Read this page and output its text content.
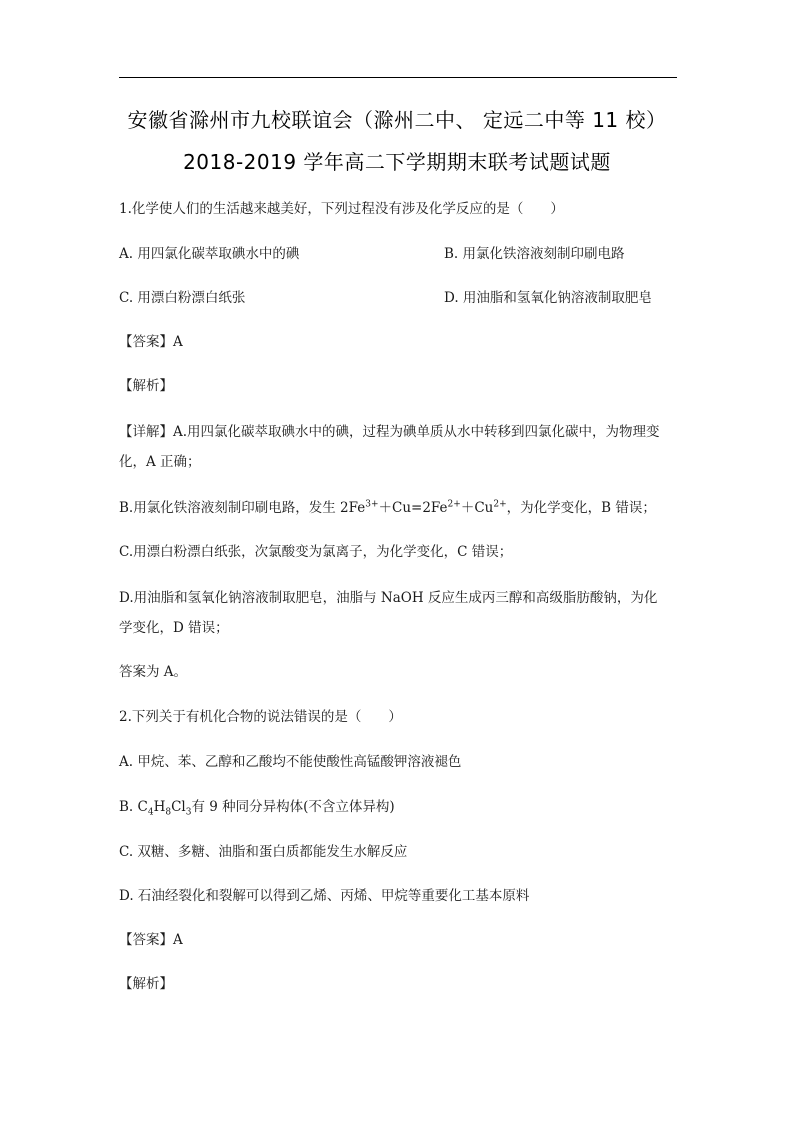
安徽省滁州市九校联谊会（滁州二中、 定远二中等 11 校）
2018-2019 学年高二下学期期末联考试题试题
1.化学使人们的生活越来越美好，下列过程没有涉及化学反应的是（　　）
A. 用四氯化碳萃取碘水中的碘	B. 用氯化铁溶液刻制印刷电路
C. 用漂白粉漂白纸张	D. 用油脂和氢氧化钠溶液制取肥皂
【答案】A
【解析】
【详解】A.用四氯化碳萃取碘水中的碘，过程为碘单质从水中转移到四氯化碳中，为物理变
化，A 正确；
B.用氯化铁溶液刻制印刷电路，发生 $2Fe^{3+}+Cu=2Fe^{2+}+Cu^{2+}$，为化学变化，B 错误；
C.用漂白粉漂白纸张，次氯酸变为氯离子，为化学变化，C 错误；
D.用油脂和氢氧化钠溶液制取肥皂，油脂与 NaOH 反应生成丙三醇和高级脂肪酸钠，为化
学变化，D 错误；
答案为 A。
2.下列关于有机化合物的说法错误的是（　　）
A. 甲烷、苯、乙醇和乙酸均不能使酸性高锰酸钾溶液褪色
B. $C_4H_8Cl_3$有 9 种同分异构体(不含立体异构)
C. 双糖、多糖、油脂和蛋白质都能发生水解反应
D. 石油经裂化和裂解可以得到乙烯、丙烯、甲烷等重要化工基本原料
【答案】A
【解析】
